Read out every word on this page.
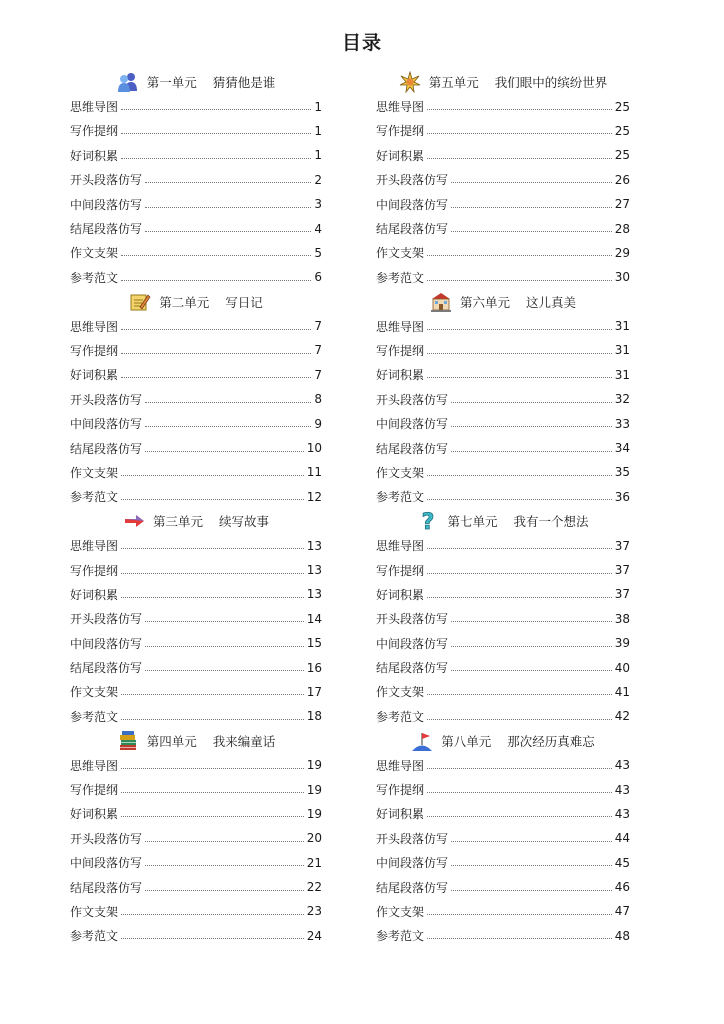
目录
第一单元 猜猜他是谁
思维导图	1
写作提纲	1
好词积累	1
开头段落仿写	2
中间段落仿写	3
结尾段落仿写	4
作文支架	5
参考范文	6
第二单元 写日记
思维导图	7
写作提纲	7
好词积累	7
开头段落仿写	8
中间段落仿写	9
结尾段落仿写	10
作文支架	11
参考范文	12
第三单元 续写故事
思维导图	13
写作提纲	13
好词积累	13
开头段落仿写	14
中间段落仿写	15
结尾段落仿写	16
作文支架	17
参考范文	18
第四单元 我来编童话
思维导图	19
写作提纲	19
好词积累	19
开头段落仿写	20
中间段落仿写	21
结尾段落仿写	22
作文支架	23
参考范文	24
第五单元 我们眼中的缤纷世界
思维导图	25
写作提纲	25
好词积累	25
开头段落仿写	26
中间段落仿写	27
结尾段落仿写	28
作文支架	29
参考范文	30
第六单元 这儿真美
思维导图	31
写作提纲	31
好词积累	31
开头段落仿写	32
中间段落仿写	33
结尾段落仿写	34
作文支架	35
参考范文	36
? 第七单元 我有一个想法
思维导图	37
写作提纲	37
好词积累	37
开头段落仿写	38
中间段落仿写	39
结尾段落仿写	40
作文支架	41
参考范文	42
第八单元 那次经历真难忘
思维导图	43
写作提纲	43
好词积累	43
开头段落仿写	44
中间段落仿写	45
结尾段落仿写	46
作文支架	47
参考范文	48
